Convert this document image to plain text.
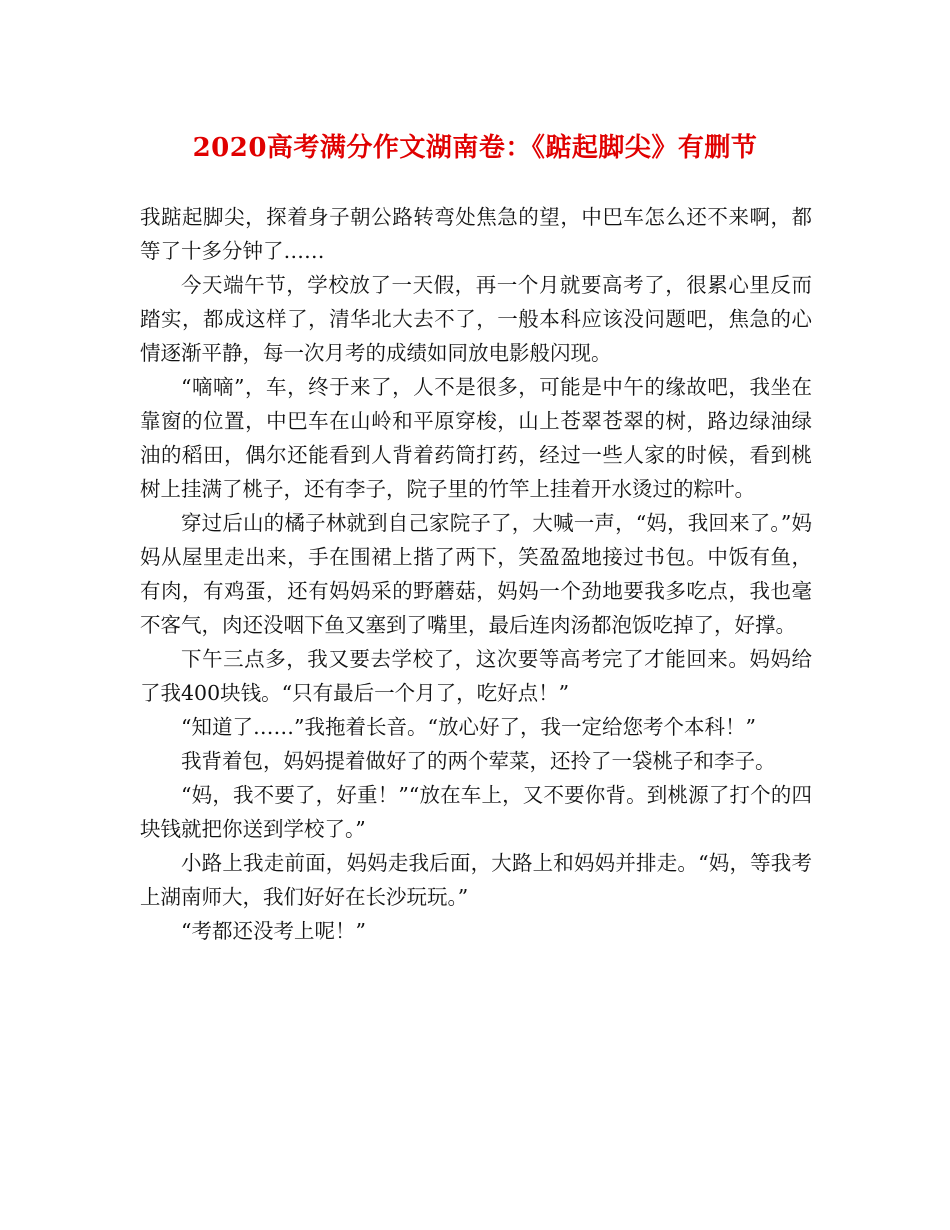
2020高考满分作文湖南卷：《踮起脚尖》有删节

我踮起脚尖，探着身子朝公路转弯处焦急的望，中巴车怎么还不来啊，都等了十多分钟了……

今天端午节，学校放了一天假，再一个月就要高考了，很累心里反而踏实，都成这样了，清华北大去不了，一般本科应该没问题吧，焦急的心情逐渐平静，每一次月考的成绩如同放电影般闪现。

“嘀嘀”，车，终于来了，人不是很多，可能是中午的缘故吧，我坐在靠窗的位置，中巴车在山岭和平原穿梭，山上苍翠苍翠的树，路边绿油绿油的稻田，偶尔还能看到人背着药筒打药，经过一些人家的时候，看到桃树上挂满了桃子，还有李子，院子里的竹竿上挂着开水烫过的粽叶。

穿过后山的橘子林就到自己家院子了，大喊一声，“妈，我回来了。”妈妈从屋里走出来，手在围裙上揩了两下，笑盈盈地接过书包。中饭有鱼，有肉，有鸡蛋，还有妈妈采的野蘑菇，妈妈一个劲地要我多吃点，我也毫不客气，肉还没咽下鱼又塞到了嘴里，最后连肉汤都泡饭吃掉了，好撑。

下午三点多，我又要去学校了，这次要等高考完了才能回来。妈妈给了我400块钱。“只有最后一个月了，吃好点！”

“知道了……”我拖着长音。“放心好了，我一定给您考个本科！”

我背着包，妈妈提着做好了的两个荤菜，还拎了一袋桃子和李子。

“妈，我不要了，好重！”“放在车上，又不要你背。到桃源了打个的四块钱就把你送到学校了。”

小路上我走前面，妈妈走我后面，大路上和妈妈并排走。“妈，等我考上湖南师大，我们好好在长沙玩玩。”

“考都还没考上呢！”
